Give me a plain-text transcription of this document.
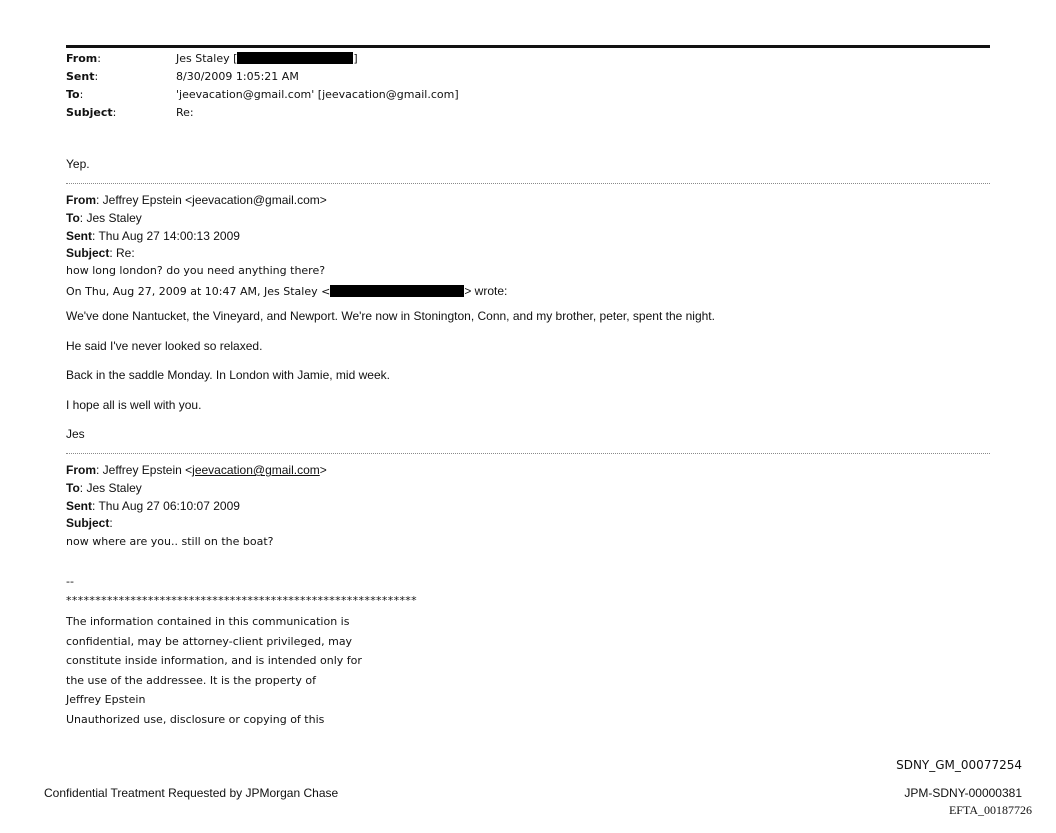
From:	Jes Staley [	]
Sent:	8/30/2009 1:05:21 AM
To:	'jeevacation@gmail.com' [jeevacation@gmail.com]
Subject:	Re:
Yep.
From: Jeffrey Epstein <jeevacation@gmail.com>
To: Jes Staley
Sent: Thu Aug 27 14:00:13 2009
Subject: Re:
how long london? do you need anything there?
On Thu, Aug 27, 2009 at 10:47 AM, Jes Staley <	> wrote:
We've done Nantucket, the Vineyard, and Newport. We're now in Stonington, Conn, and my brother, peter, spent the night.
He said I've never looked so relaxed.
Back in the saddle Monday. In London with Jamie, mid week.
I hope all is well with you.
Jes
From: Jeffrey Epstein <jeevacation@gmail.com>
To: Jes Staley
Sent: Thu Aug 27 06:10:07 2009
Subject:
now where are you.. still on the boat?
--
************************************************************
The information contained in this communication is
confidential, may be attorney-client privileged, may
constitute inside information, and is intended only for
the use of the addressee. It is the property of
Jeffrey Epstein
Unauthorized use, disclosure or copying of this
SDNY_GM_00077254
Confidential Treatment Requested by JPMorgan Chase	JPM-SDNY-00000381
EFTA_00187726
